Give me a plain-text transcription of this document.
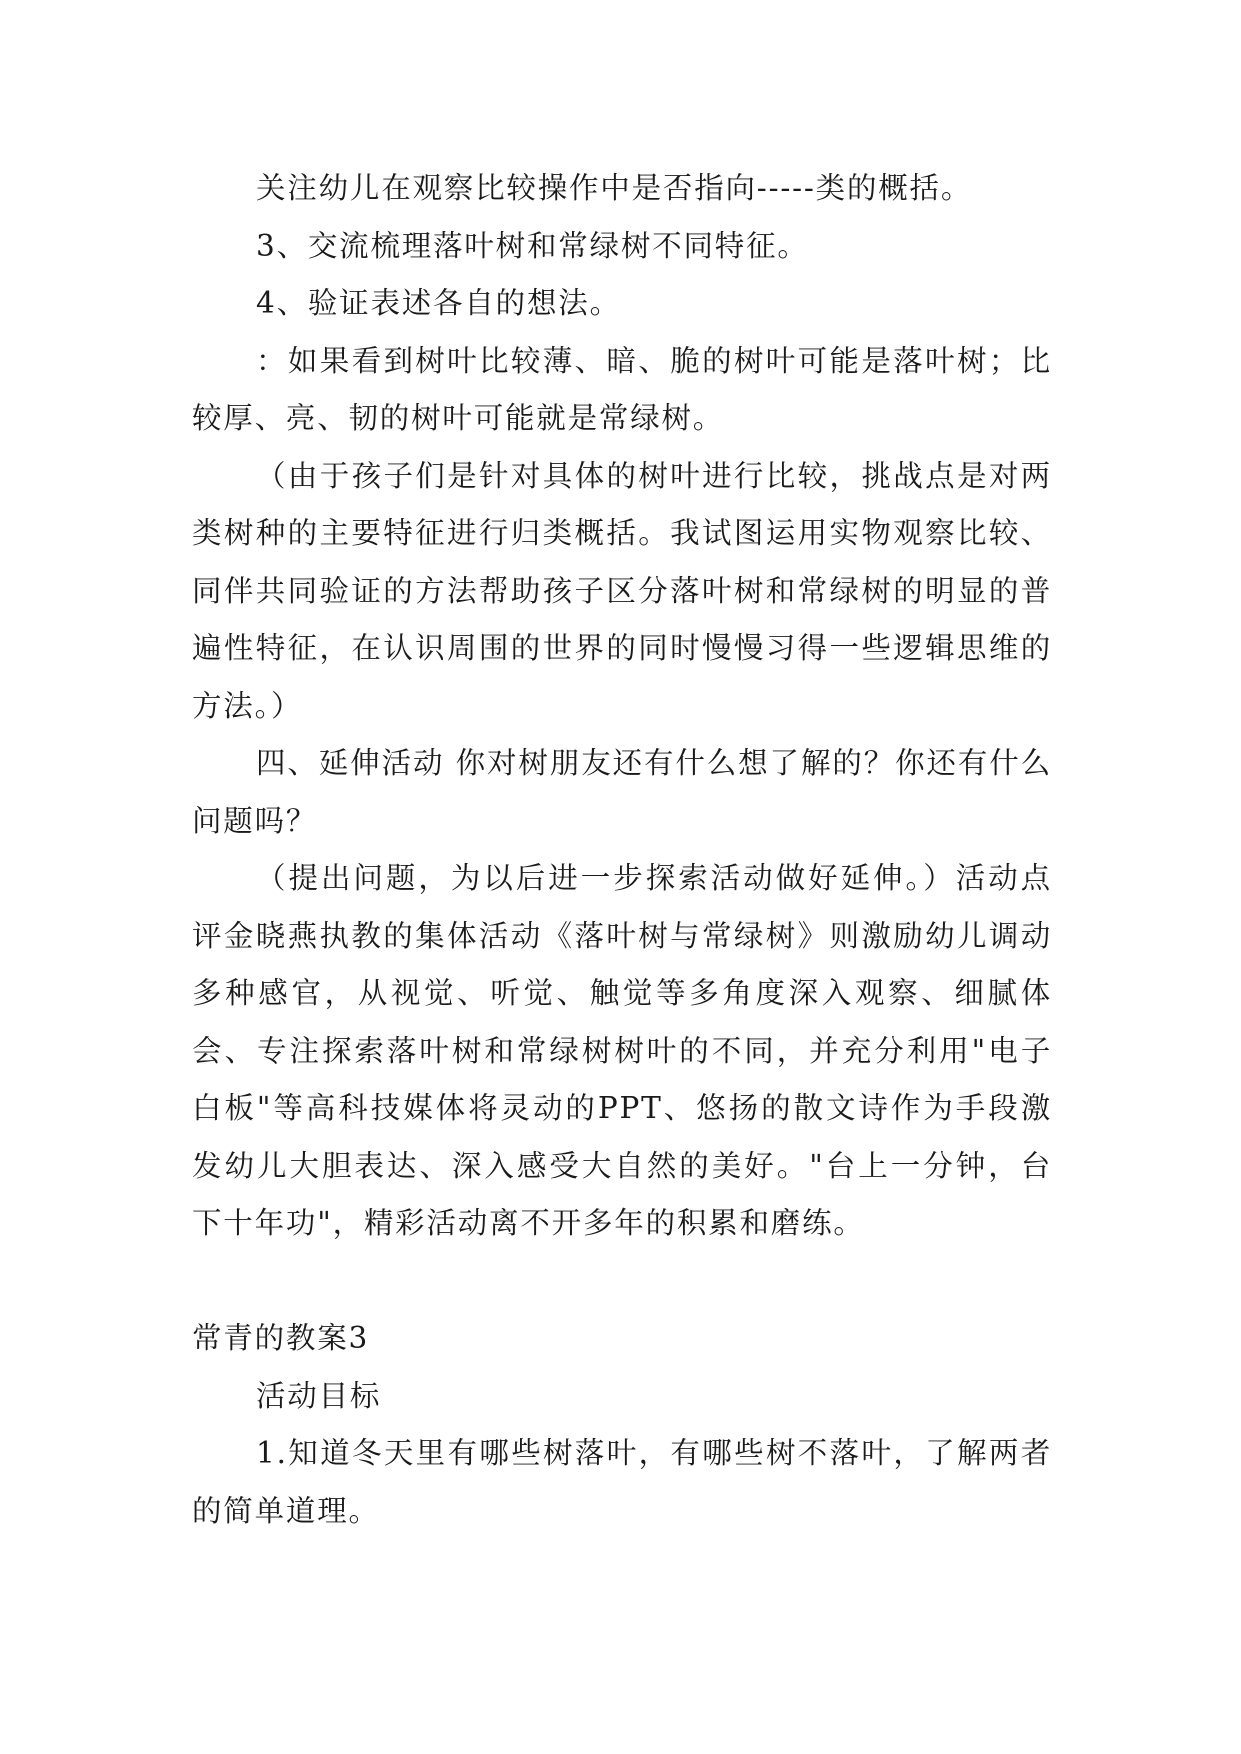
关注幼儿在观察比较操作中是否指向-----类的概括。

3、交流梳理落叶树和常绿树不同特征。

4、验证表述各自的想法。

：如果看到树叶比较薄、暗、脆的树叶可能是落叶树；比较厚、亮、韧的树叶可能就是常绿树。

（由于孩子们是针对具体的树叶进行比较，挑战点是对两类树种的主要特征进行归类概括。我试图运用实物观察比较、同伴共同验证的方法帮助孩子区分落叶树和常绿树的明显的普遍性特征，在认识周围的世界的同时慢慢习得一些逻辑思维的方法。）

四、延伸活动 你对树朋友还有什么想了解的？你还有什么问题吗？

（提出问题，为以后进一步探索活动做好延伸。）活动点评金晓燕执教的集体活动《落叶树与常绿树》则激励幼儿调动多种感官，从视觉、听觉、触觉等多角度深入观察、细腻体会、专注探索落叶树和常绿树树叶的不同，并充分利用"电子白板"等高科技媒体将灵动的PPT、悠扬的散文诗作为手段激发幼儿大胆表达、深入感受大自然的美好。"台上一分钟，台下十年功"，精彩活动离不开多年的积累和磨练。

常青的教案3

活动目标

1.知道冬天里有哪些树落叶，有哪些树不落叶，了解两者的简单道理。
